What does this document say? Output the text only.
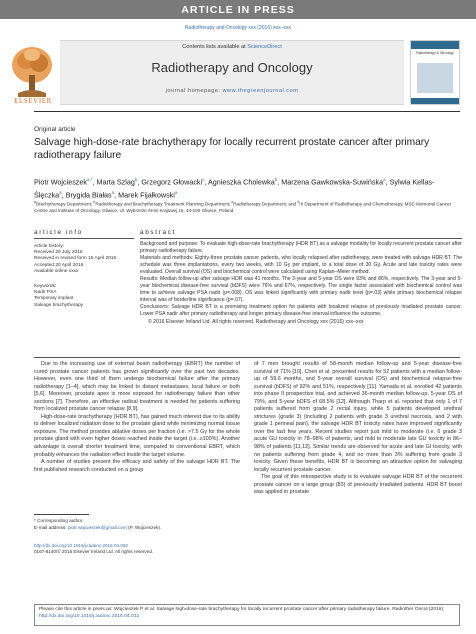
ARTICLE IN PRESS
Radiotherapy and Oncology xxx (2016) xxx–xxx
ELSEVIER
Contents lists available at ScienceDirect
Radiotherapy and Oncology
journal homepage: www.thegreenjournal.com
Radiotherapy & Oncology
Original article
Salvage high-dose-rate brachytherapy for locally recurrent prostate cancer after primary radiotherapy failure
Piotr Wojcieszek$^{a,*}$, Marta Szlag$^b$, Grzegorz Głowacki$^c$, Agnieszka Cholewka$^b$, Marzena Gawkowska-Suwińska$^a$, Sylwia Kellas-Ślęczka$^a$, Brygida Białas$^a$, Marek Fijałkowski$^a$
$^a$Brachytherapy Department; $^b$Radiotherapy and Brachytherapy Treatment Planning Department; $^c$Radiotherapy Department; and $^d$III Department of Radiotherapy and Chemotherapy, MSC Memorial Cancer Centre and Institute of Oncology, Gliwice, Ul. Wybrzeże Armii Krajowej 15, 44-100 Gliwice, Poland
article info
Article history:
Received 20 July 2015
Received in revised form 15 April 2016
Accepted 20 April 2016
Available online xxxx
Keywords:
Nadir PSA
Temporary implant
Salvage brachytherapy
abstract

Background and purpose: To evaluate high-dose-rate brachytherapy (HDR BT) as a salvage modality for locally recurrent prostate cancer after primary radiotherapy failure.

Materials and methods: Eighty-three prostate cancer patients, who locally relapsed after radiotherapy, were treated with salvage HDR BT. The schedule was three implantations, every two weeks, with 10 Gy per implant, to a total dose of 30 Gy. Acute and late toxicity rates were evaluated. Overall survival (OS) and biochemical control were calculated using Kaplan–Meier method.

Results: Median follow-up after salvage HDR was 41 months. The 3-year and 5-year OS were 93% and 86%, respectively. The 3-year and 5-year biochemical disease-free survival (bDFS) were 76% and 67%, respectively. The single factor associated with biochemical control was time to achieve salvage PSA nadir (p=.008). OS was linked significantly with primary nadir level (p=.03) while primary biochemical relapse interval was of borderline significance (p=.07).

Conclusions: Salvage HDR BT is a promising treatment option for patients with localized relapse of previously irradiated prostate cancer. Lower PSA nadir after primary radiotherapy and longer primary disease-free interval influence the outcome.

© 2016 Elsevier Ireland Ltd. All rights reserved. Radiotherapy and Oncology xxx (2016) xxx–xxx

Due to the increasing use of external beam radiotherapy (EBRT) the number of cured prostate cancer patients has grown significantly over the past two decades. However, even one third of them undergo biochemical failure after the primary radiotherapy [1–4], which may be linked to distant metastases, local failure or both [5,6]. Moreover, prostate apex is more exposed for radiotherapy failure than other sections [7]. Therefore, an effective radical treatment is needed for patients suffering from localized prostate cancer relapse [8,9].

High-dose-rate brachytherapy (HDR BT), has gained much interest due to its ability to deliver localized radiation dose to the prostate gland while minimizing normal tissue exposure. The method provides ablative doses per fraction (i.e. >7.5 Gy for the whole prostate gland with even higher doses reached inside the target (i.e. ≥100%). Another advantage is overall shorter treatment time, compared to conventional EBRT, which probably enhances the radiation effect inside the target volume.

A number of studies present the efficacy and safety of the salvage HDR BT. The first published research conducted on a group

of 7 men brought results of 58-month median follow-up and 5-year disease-free survival of 71% [10]. Chen et al. presented results for 52 patients with a median follow-up of 59.6 months, and 5-year overall survival (OS) and biochemical relapse-free survival (bDFS) of 92% and 51%, respectively [11]. Yamada et al. enrolled 42 patients into phase II prospective trial, and achieved 36-month median follow-up, 5-year OS of 79%, and 5-year bDFS of 68.5% [12]. Although Tharp et al. reported that only 1 of 7 patients suffered from grade 2 rectal injury, while 5 patients developed urethral strictures (grade 3) (including 2 patients with grade 3 urethral necrosis, and 2 with grade 1 perineal pain), the salvage HDR BT toxicity rates have improved significantly over the last few years. Recent studies report just mild to moderate (i.e. 6 grade 3 acute GU toxicity in 78–98% of patients, and mild to moderate late GU toxicity in 86–98% of patients [11,12]. Similar trends are observed for acute and late GI toxicity, with no patients suffering from grade 4, and no more than 3% suffering from grade 3 toxicity. Given these benefits, HDR BT is becoming an attractive option for salvaging locally recurrent prostate cancer.

The goal of this retrospective study is to evaluate salvage HDR BT of the recurrent prostate cancer on a large group (83) of previously irradiated patients. HDR BT boost was applied in prostate

* Corresponding author.
E-mail address: piotr.wojcieszek@gmail.com (P. Wojcieszek).
http://dx.doi.org/10.1016/j.radonc.2016.04.032
0167-8140/© 2016 Elsevier Ireland Ltd. All rights reserved.
Please cite this article in press as: Wojcieszek P et al. Salvage high-dose-rate brachytherapy for locally recurrent prostate cancer after primary radiotherapy failure. Radiother Oncol (2016), http://dx.doi.org/10.1016/j.radonc.2016.04.032
